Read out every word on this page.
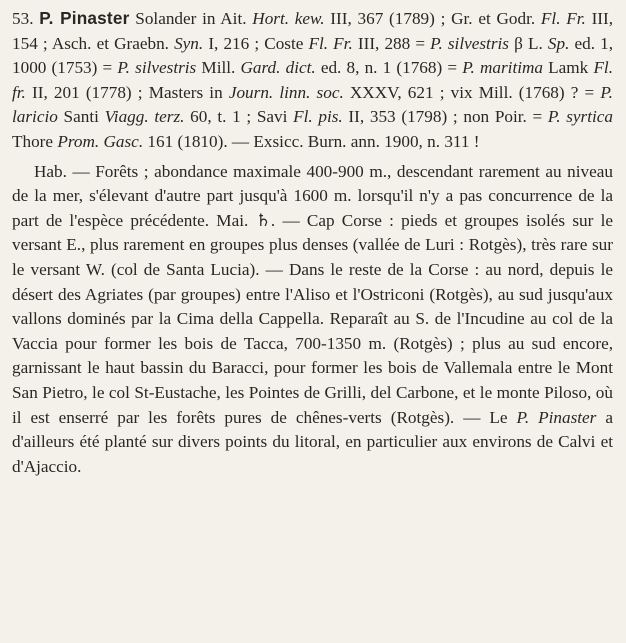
53. P. Pinaster Solander in Ait. Hort. kew. III, 367 (1789) ; Gr. et Godr. Fl. Fr. III, 154 ; Asch. et Graebn. Syn. I, 216 ; Coste Fl. Fr. III, 288 = P. silvestris β L. Sp. ed. 1, 1000 (1753) = P. silvestris Mill. Gard. dict. ed. 8, n. 1 (1768) = P. maritima Lamk Fl. fr. II, 201 (1778) ; Masters in Journ. linn. soc. XXXV, 621 ; vix Mill. (1768) ? = P. laricio Santi Viagg. terz. 60, t. 1 ; Savi Fl. pis. II, 353 (1798) ; non Poir. = P. syrtica Thore Prom. Gasc. 161 (1810). — Exsicc. Burn. ann. 1900, n. 311 !

Hab. — Forêts ; abondance maximale 400-900 m., descendant rarement au niveau de la mer, s'élevant d'autre part jusqu'à 1600 m. lorsqu'il n'y a pas concurrence de la part de l'espèce précédente. Mai. ♄. — Cap Corse : pieds et groupes isolés sur le versant E., plus rarement en groupes plus denses (vallée de Luri : Rotgès), très rare sur le versant W. (col de Santa Lucia). — Dans le reste de la Corse : au nord, depuis le désert des Agriates (par groupes) entre l'Aliso et l'Ostriconi (Rotgès), au sud jusqu'aux vallons dominés par la Cima della Cappella. Reparaît au S. de l'Incudine au col de la Vaccia pour former les bois de Tacca, 700-1350 m. (Rotgès) ; plus au sud encore, garnissant le haut bassin du Baracci, pour former les bois de Vallemala entre le Mont San Pietro, le col St-Eustache, les Pointes de Grilli, del Carbone, et le monte Piloso, où il est enserré par les forêts pures de chênes-verts (Rotgès). — Le P. Pinaster a d'ailleurs été planté sur divers points du litoral, en particulier aux environs de Calvi et d'Ajaccio.
